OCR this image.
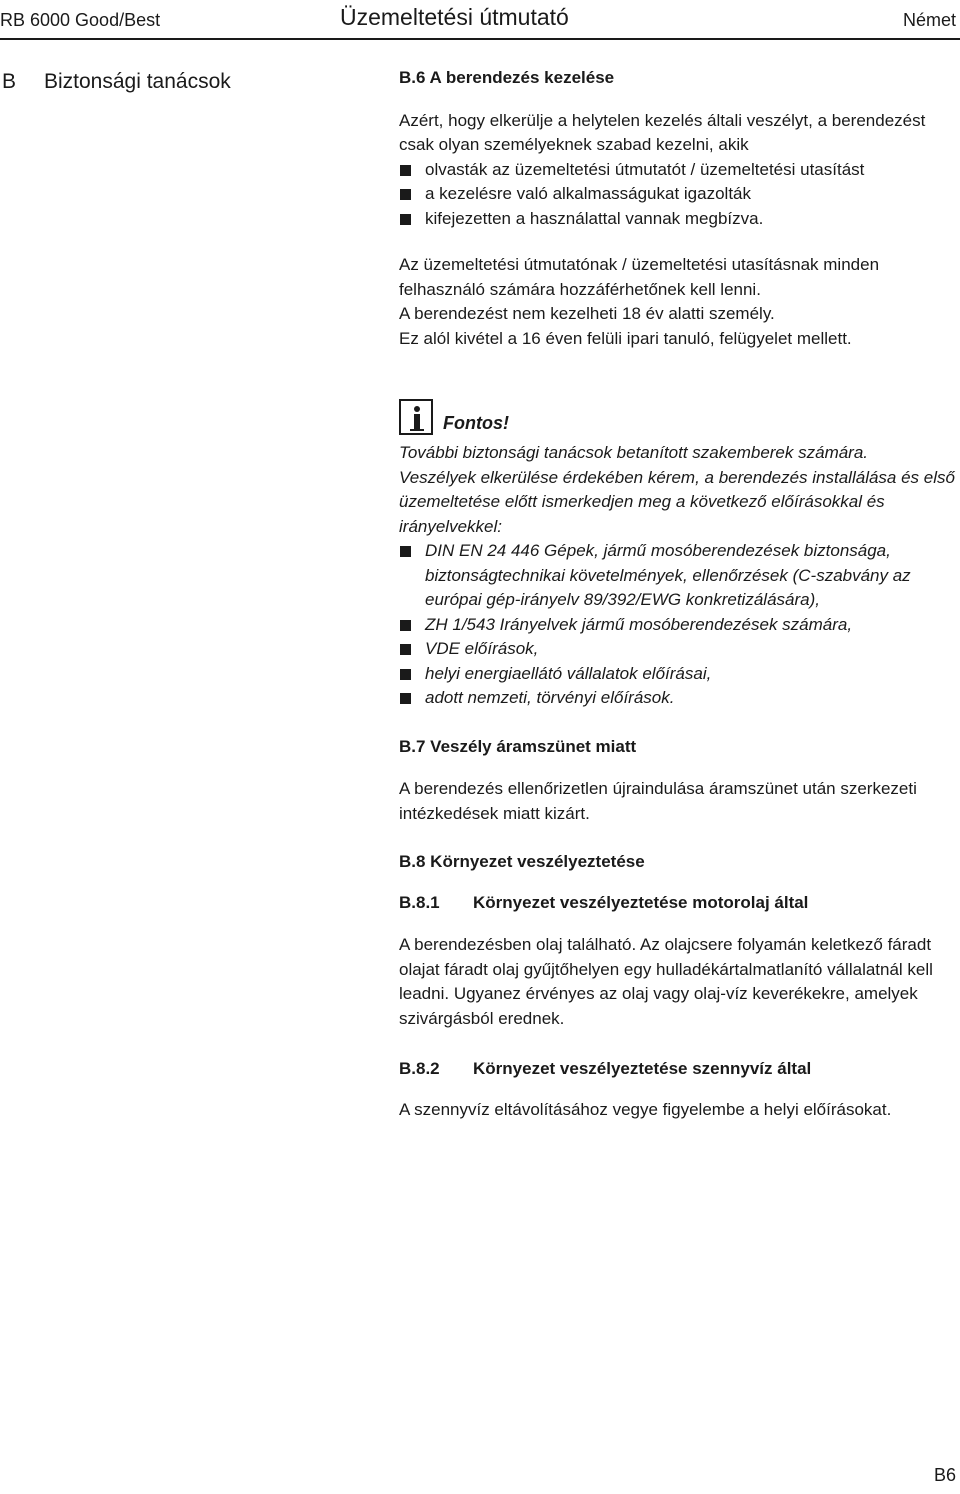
RB 6000 Good/Best	Üzemeltetési útmutató	Német
B Biztonsági tanácsok	B.6 A berendezés kezelése

Azért, hogy elkerülje a helytelen kezelés általi veszélyt, a berendezést csak olyan személyeknek szabad kezelni, akik

olvasták az üzemeltetési útmutatót / üzemeltetési utasítást
a kezelésre való alkalmasságukat igazolták
kifejezetten a használattal vannak megbízva.

Az üzemeltetési útmutatónak / üzemeltetési utasításnak minden felhasználó számára hozzáférhetőnek kell lenni.

A berendezést nem kezelheti 18 év alatti személy.

Ez alól kivétel a 16 éven felüli ipari tanuló, felügyelet mellett.

Fontos!

További biztonsági tanácsok betanított szakemberek számára.

Veszélyek elkerülése érdekében kérem, a berendezés installálása és első üzemeltetése előtt ismerkedjen meg a következő előírásokkal és irányelvekkel:

DIN EN 24 446 Gépek, jármű mosóberendezések biztonsága, biztonságtechnikai követelmények, ellenőrzések (C-szabvány az európai gép-irányelv 89/392/EWG konkretizálására),
ZH 1/543 Irányelvek jármű mosóberendezések számára,
VDE előírások,
helyi energiaellátó vállalatok előírásai,
adott nemzeti, törvényi előírások.

B.7 Veszély áramszünet miatt

A berendezés ellenőrizetlen újraindulása áramszünet után szerkezeti intézkedések miatt kizárt.

B.8 Környezet veszélyeztetése

B.8.1	Környezet veszélyeztetése motorolaj által

A berendezésben olaj található. Az olajcsere folyamán keletkező fáradt olajat fáradt olaj gyűjtőhelyen egy hulladékártalmatlanító vállalatnál kell leadni. Ugyanez érvényes az olaj vagy olaj-víz keverékekre, amelyek szivárgásból erednek.

B.8.2	Környezet veszélyeztetése szennyvíz által

A szennyvíz eltávolításához vegye figyelembe a helyi előírásokat.

B6
